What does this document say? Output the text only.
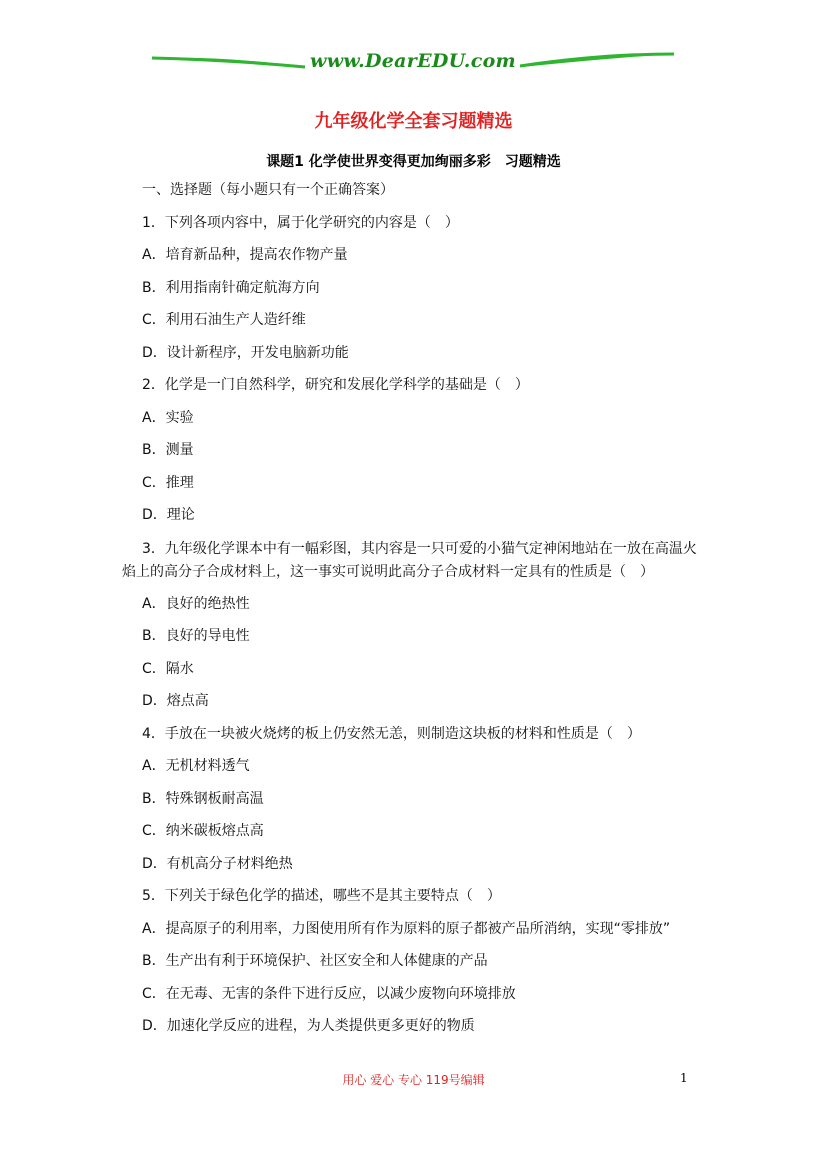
www.DearEDU.com
九年级化学全套习题精选
课题1 化学使世界变得更加绚丽多彩　习题精选
一、选择题（每小题只有一个正确答案）
1．下列各项内容中，属于化学研究的内容是（　）
A．培育新品种，提高农作物产量
B．利用指南针确定航海方向
C．利用石油生产人造纤维
D．设计新程序，开发电脑新功能
2．化学是一门自然科学，研究和发展化学科学的基础是（　）
A．实验
B．测量
C．推理
D．理论
3．九年级化学课本中有一幅彩图，其内容是一只可爱的小猫气定神闲地站在一放在高温火
焰上的高分子合成材料上，这一事实可说明此高分子合成材料一定具有的性质是（　）
A．良好的绝热性
B．良好的导电性
C．隔水
D．熔点高
4．手放在一块被火烧烤的板上仍安然无恙，则制造这块板的材料和性质是（　）
A．无机材料透气
B．特殊钢板耐高温
C．纳米碳板熔点高
D．有机高分子材料绝热
5．下列关于绿色化学的描述，哪些不是其主要特点（　）
A．提高原子的利用率，力图使用所有作为原料的原子都被产品所消纳，实现“零排放”
B．生产出有利于环境保护、社区安全和人体健康的产品
C．在无毒、无害的条件下进行反应，以减少废物向环境排放
D．加速化学反应的进程，为人类提供更多更好的物质
用心 爱心 专心 119号编辑	1
